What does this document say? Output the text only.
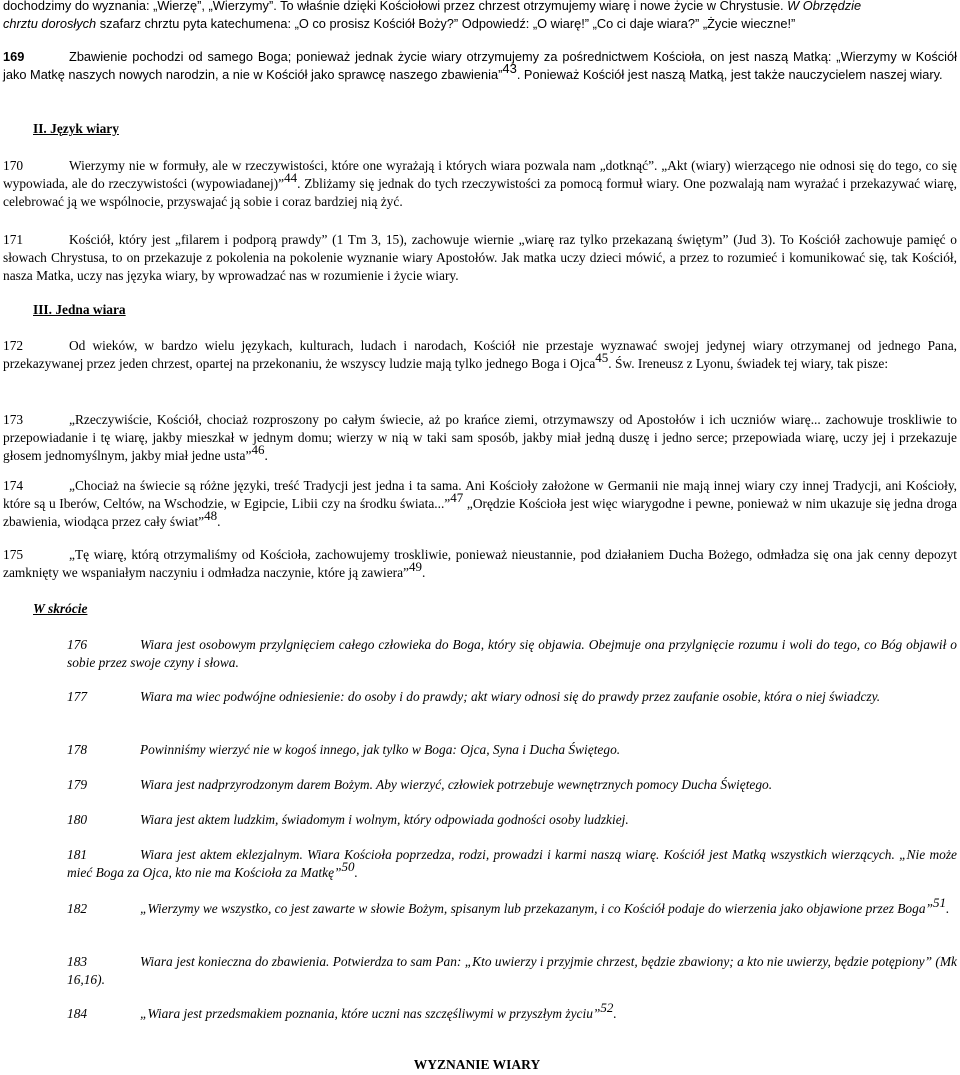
dochodzimy do wyznania: „Wierzę”, „Wierzymy”. To właśnie dzięki Kościołowi przez chrzest otrzymujemy wiarę i nowe życie w Chrystusie. W Obrzędzie
chrztu dorosłych szafarz chrztu pyta katechumena: „O co prosisz Kościół Boży?” Odpowiedź: „O wiarę!” „Co ci daje wiara?” „Życie wieczne!”

169	Zbawienie pochodzi od samego Boga; ponieważ jednak życie wiary otrzymujemy za pośrednictwem Kościoła, on jest naszą Matką: „Wierzymy w Kościół jako Matkę naszych nowych narodzin, a nie w Kościół jako sprawcę naszego zbawienia”$^{43}$. Ponieważ Kościół jest naszą Matką, jest także nauczycielem naszej wiary.

II. Język wiary

170	Wierzymy nie w formuły, ale w rzeczywistości, które one wyrażają i których wiara pozwala nam „dotknąć”. „Akt (wiary) wierzącego nie odnosi się do tego, co się wypowiada, ale do rzeczywistości (wypowiadanej)”$^{44}$. Zbliżamy się jednak do tych rzeczywistości za pomocą formuł wiary. One pozwalają nam wyrażać i przekazywać wiarę, celebrować ją we wspólnocie, przyswajać ją sobie i coraz bardziej nią żyć.

171	Kościół, który jest „filarem i podporą prawdy” (1 Tm 3, 15), zachowuje wiernie „wiarę raz tylko przekazaną świętym” (Jud 3). To Kościół zachowuje pamięć o słowach Chrystusa, to on przekazuje z pokolenia na pokolenie wyznanie wiary Apostołów. Jak matka uczy dzieci mówić, a przez to rozumieć i komunikować się, tak Kościół, nasza Matka, uczy nas języka wiary, by wprowadzać nas w rozumienie i życie wiary.

III. Jedna wiara

172	Od wieków, w bardzo wielu językach, kulturach, ludach i narodach, Kościół nie przestaje wyznawać swojej jedynej wiary otrzymanej od jednego Pana, przekazywanej przez jeden chrzest, opartej na przekonaniu, że wszyscy ludzie mają tylko jednego Boga i Ojca$^{45}$. Św. Ireneusz z Lyonu, świadek tej wiary, tak pisze:

173	„Rzeczywiście, Kościół, chociaż rozproszony po całym świecie, aż po krańce ziemi, otrzymawszy od Apostołów i ich uczniów wiarę... zachowuje troskliwie to przepowiadanie i tę wiarę, jakby mieszkał w jednym domu; wierzy w nią w taki sam sposób, jakby miał jedną duszę i jedno serce; przepowiada wiarę, uczy jej i przekazuje głosem jednomyślnym, jakby miał jedne usta”$^{46}$.

174	„Chociaż na świecie są różne języki, treść Tradycji jest jedna i ta sama. Ani Kościoły założone w Germanii nie mają innej wiary czy innej Tradycji, ani Kościoły, które są u Iberów, Celtów, na Wschodzie, w Egipcie, Libii czy na środku świata...”$^{47}$ „Orędzie Kościoła jest więc wiarygodne i pewne, ponieważ w nim ukazuje się jedna droga zbawienia, wiodąca przez cały świat”$^{48}$.

175	„Tę wiarę, którą otrzymaliśmy od Kościoła, zachowujemy troskliwie, ponieważ nieustannie, pod działaniem Ducha Bożego, odmładza się ona jak cenny depozyt zamknięty we wspaniałym naczyniu i odmładza naczynie, które ją zawiera”$^{49}$.

W skrócie

176	Wiara jest osobowym przylgnięciem całego człowieka do Boga, który się objawia. Obejmuje ona przylgnięcie rozumu i woli do tego, co Bóg objawił o sobie przez swoje czyny i słowa.

177	Wiara ma wiec podwójne odniesienie: do osoby i do prawdy; akt wiary odnosi się do prawdy przez zaufanie osobie, która o niej świadczy.

178	Powinniśmy wierzyć nie w kogoś innego, jak tylko w Boga: Ojca, Syna i Ducha Świętego.

179	Wiara jest nadprzyrodzonym darem Bożym. Aby wierzyć, człowiek potrzebuje wewnętrznych pomocy Ducha Świętego.

180	Wiara jest aktem ludzkim, świadomym i wolnym, który odpowiada godności osoby ludzkiej.

181	Wiara jest aktem eklezjalnym. Wiara Kościoła poprzedza, rodzi, prowadzi i karmi naszą wiarę. Kościół jest Matką wszystkich wierzących. „Nie może mieć Boga za Ojca, kto nie ma Kościoła za Matkę”$^{50}$.

182	„Wierzymy we wszystko, co jest zawarte w słowie Bożym, spisanym lub przekazanym, i co Kościół podaje do wierzenia jako objawione przez Boga”$^{51}$.

183	Wiara jest konieczna do zbawienia. Potwierdza to sam Pan: „Kto uwierzy i przyjmie chrzest, będzie zbawiony; a kto nie uwierzy, będzie potępiony” (Mk 16,16).

184	„Wiara jest przedsmakiem poznania, które uczni nas szczęśliwymi w przyszłym życiu”$^{52}$.

WYZNANIE WIARY
